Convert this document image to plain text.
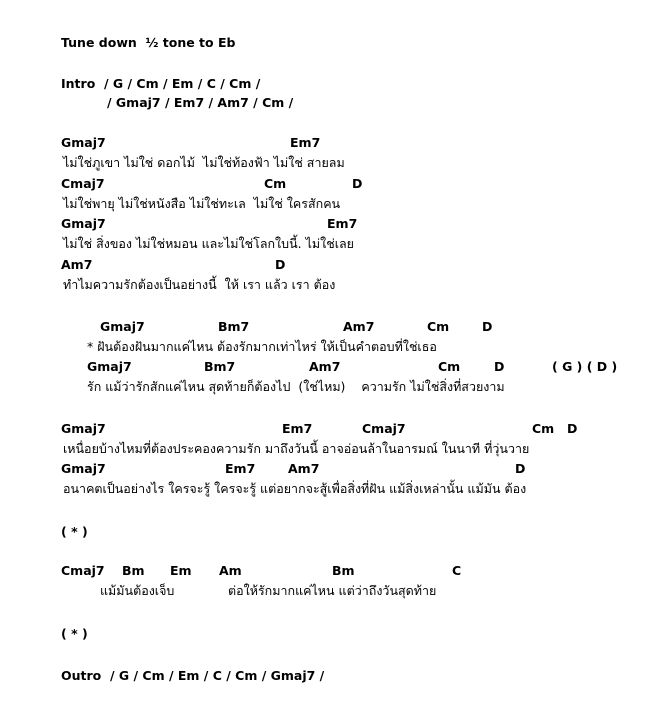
Tune down  ½ tone to Eb
Intro  / G / Cm / Em / C / Cm /
/ Gmaj7 / Em7 / Am7 / Cm /
Gmaj7	Em7
ไม่ใช่ภูเขา ไม่ใช่ ดอกไม้  ไม่ใช่ท้องฟ้า ไม่ใช่ สายลม
Cmaj7	Cm	D
ไม่ใช่พายุ ไม่ใช่หนังสือ ไม่ใช่ทะเล  ไม่ใช่ ใครสักคน
Gmaj7	Em7
ไม่ใช่ สิ่งของ ไม่ใช่หมอน และไม่ใช่โลกใบนี้. ไม่ใช่เลย
Am7	D
ทำไมความรักต้องเป็นอย่างนี้  ให้ เรา แล้ว เรา ต้อง
Gmaj7	Bm7	Am7	Cm	D
* ฝันต้องฝันมากแค่ไหน ต้องรักมากเท่าไหร่ ให้เป็นคำตอบที่ใช่เธอ
Gmaj7	Bm7	Am7	Cm	D	( G ) ( D )
รัก แม้ว่ารักสักแค่ไหน สุดท้ายก็ต้องไป  (ใช่ไหม)    ความรัก ไม่ใช่สิ่งที่สวยงาม
Gmaj7	Em7	Cmaj7	Cm D
เหนื่อยบ้างไหมที่ต้องประคองความรัก มาถึงวันนี้ อาจอ่อนล้าในอารมณ์ ในนาที ที่วุ่นวาย
Gmaj7	Em7	Am7	D
อนาคตเป็นอย่างไร ใครจะรู้ ใครจะรู้ แต่อยากจะสู้เพื่อสิ่งที่ฝัน แม้สิ่งเหล่านั้น แม้มัน ต้อง
( * )
Cmaj7 Bm Em Am	Bm	C
แม้มันต้องเจ็บ	ต่อให้รักมากแค่ไหน แต่ว่าถึงวันสุดท้าย
( * )
Outro  / G / Cm / Em / C / Cm / Gmaj7 /
